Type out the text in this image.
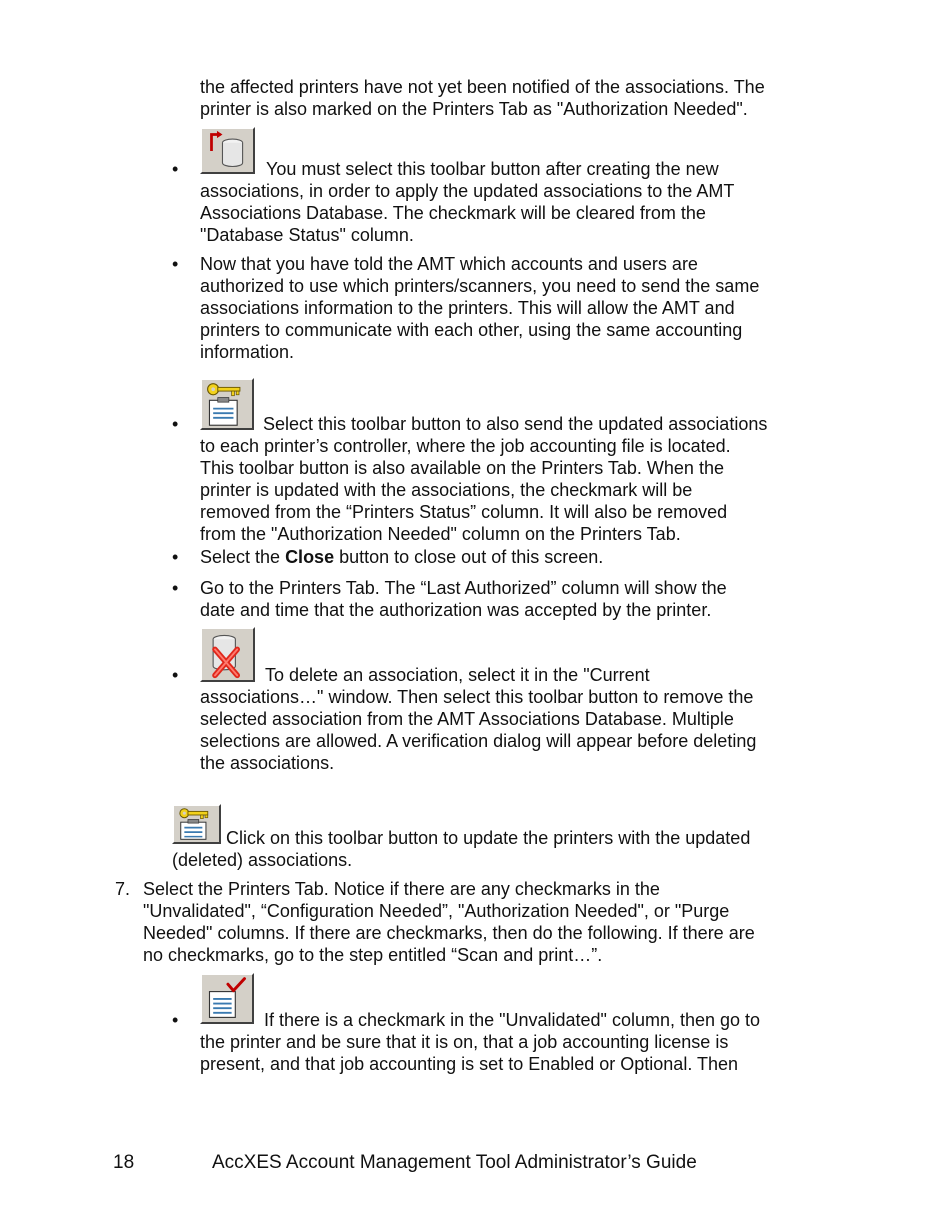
the affected printers have not yet been notified of the associations. The
printer is also marked on the Printers Tab as "Authorization Needed".
•	You must select this toolbar button after creating the new
associations, in order to apply the updated associations to the AMT
Associations Database. The checkmark will be cleared from the
"Database Status" column.
• Now that you have told the AMT which accounts and users are
authorized to use which printers/scanners, you need to send the same
associations information to the printers. This will allow the AMT and
printers to communicate with each other, using the same accounting
information.
•	Select this toolbar button to also send the updated associations
to each printer’s controller, where the job accounting file is located.
This toolbar button is also available on the Printers Tab. When the
printer is updated with the associations, the checkmark will be
removed from the “Printers Status” column. It will also be removed
from the "Authorization Needed" column on the Printers Tab.
• Select the Close button to close out of this screen.
• Go to the Printers Tab. The “Last Authorized” column will show the
date and time that the authorization was accepted by the printer.
•	To delete an association, select it in the "Current
associations…" window. Then select this toolbar button to remove the
selected association from the AMT Associations Database. Multiple
selections are allowed. A verification dialog will appear before deleting
the associations.
Click on this toolbar button to update the printers with the updated
(deleted) associations.
7. Select the Printers Tab. Notice if there are any checkmarks in the
"Unvalidated", “Configuration Needed”, "Authorization Needed", or "Purge
Needed" columns. If there are checkmarks, then do the following. If there are
no checkmarks, go to the step entitled “Scan and print…”.
•	If there is a checkmark in the "Unvalidated" column, then go to
the printer and be sure that it is on, that a job accounting license is
present, and that job accounting is set to Enabled or Optional. Then
18	AccXES Account Management Tool Administrator’s Guide
